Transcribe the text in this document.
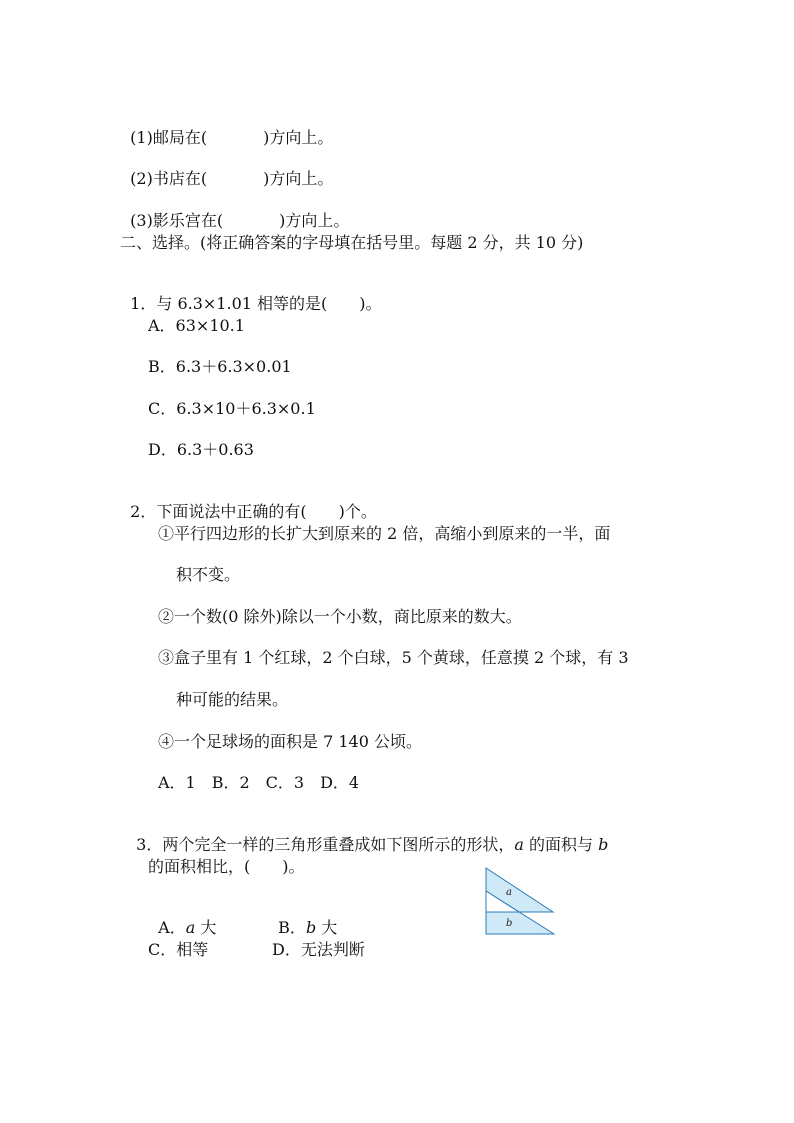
(1)邮局在(	)方向上。

(2)书店在(	)方向上。

(3)影乐宫在(	)方向上。

二、选择。(将正确答案的字母填在括号里。每题 2 分，共 10 分)

1．与 6.3×1.01 相等的是(　　)。

A．63×10.1
B．6.3＋6.3×0.01
C．6.3×10＋6.3×0.1
D．6.3＋0.63

2．下面说法中正确的有(　　)个。

①平行四边形的长扩大到原来的 2 倍，高缩小到原来的一半，面
积不变。
②一个数(0 除外)除以一个小数，商比原来的数大。
③盒子里有 1 个红球，2 个白球，5 个黄球，任意摸 2 个球，有 3
种可能的结果。
④一个足球场的面积是 7 140 公顷。
A．1　B．2　C．3　D．4

3．两个完全一样的三角形重叠成如下图所示的形状，a 的面积与 b

的面积相比，(　　)。

A．a 大	B．b 大

C．相等	D．无法判断
a
b
